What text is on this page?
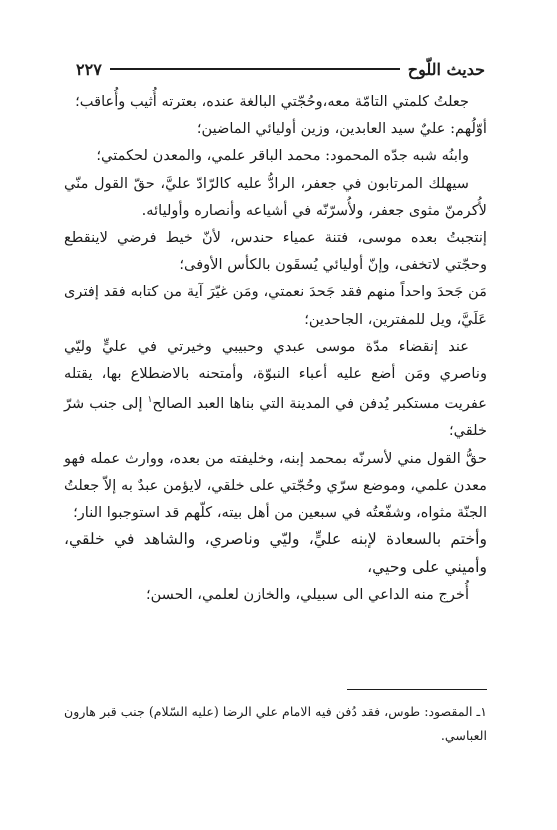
حديث اللّوح
٢٢٧

جعلتُ كلمتي التامّة معه،وحُجّتي البالغة عنده، بعترته أُثيب وأُعاقب؛

أوّلُهم: عليٌ سيد العابدين، وزين أوليائي الماضين؛

وابنُه شبه جدّه المحمود: محمد الباقر علمي، والمعدن لحكمتي؛

سيهلك المرتابون في جعفر، الرادُّ عليه كالرّادّ عليَّ، حقّ القول منّي لأُكرمنّ مثوى جعفر، ولأُسرّنّه في أشياعه وأنصاره وأوليائه.

إنتجبتُ بعده موسى، فتنة عمياء حندس، لأنّ خيط فرضي لاينقطع وحجّتي لاتخفى، وإنّ أوليائي يُسقَون بالكأس الأوفى؛

مَن جَحدَ واحداً منهم فقد جَحدَ نعمتي، ومَن غيّرَ آية من كتابه فقد إفترى عَلَيَّ، ويل للمفترين، الجاحدين؛

عند إنقضاء مدّة موسى عبدي وحبيبي وخيرتي في عليٍّ وليّي وناصري ومَن أضع عليه أعباء النبوّة، وأمتحنه بالاضطلاع بها، يقتله عفريت مستكبر يُدفن في المدينة التي بناها العبد الصالح$^١$ إلى جنب شرّ خلقي؛

حقُّ القول مني لأسرنّه بمحمد إبنه، وخليفته من بعده، ووارث عمله فهو معدن علمي، وموضع سرّي وحُجّتي على خلقي، لايؤمن عبدٌ به إلاّ جعلتُ الجنّة مثواه، وشفّعتُه في سبعين من أهل بيته، كلّهم قد استوجبوا النار؛

وأختم بالسعادة لإبنه عليٍّ، وليّي وناصري، والشاهد في خلقي، وأميني على وحيي،

أُخرج منه الداعي الى سبيلي، والخازن لعلمي، الحسن؛

١ـ المقصود: طوس، فقد دُفن فيه الامام علي الرضا (عليه السّلام) جنب قبر هارون العباسي.
